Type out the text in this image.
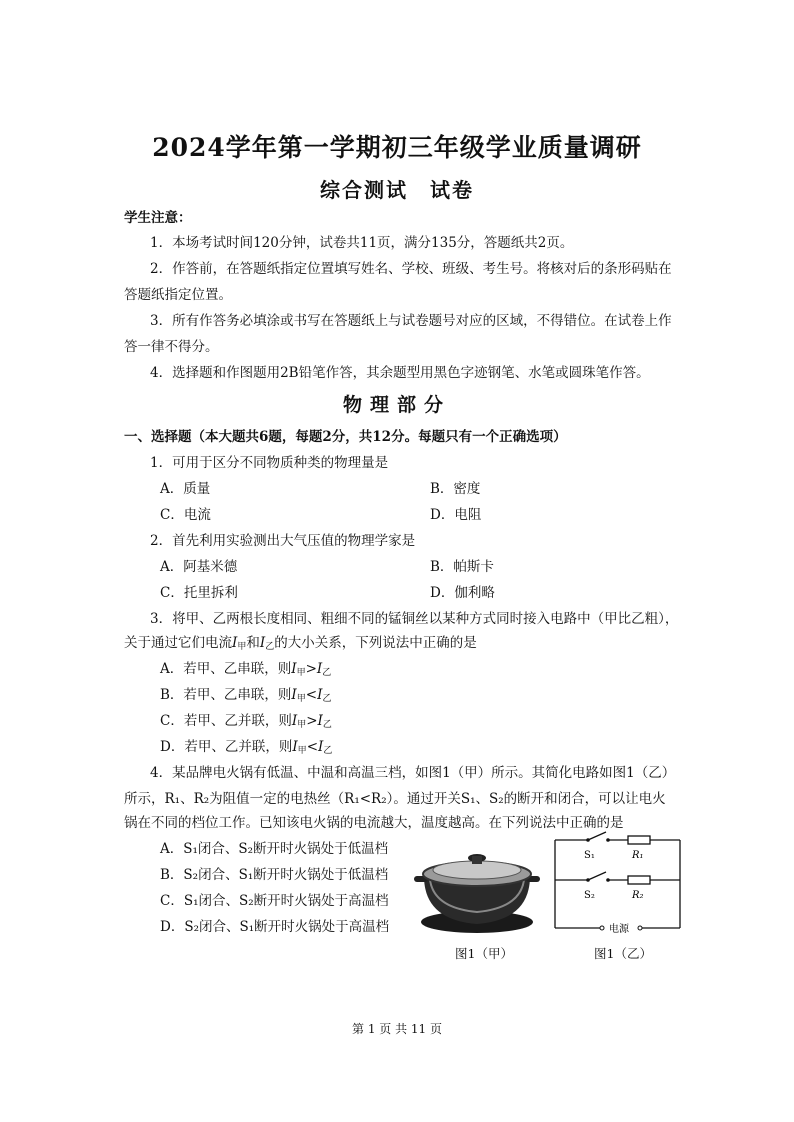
2024学年第一学期初三年级学业质量调研
综合测试 试卷
学生注意：
1．本场考试时间120分钟，试卷共11页，满分135分，答题纸共2页。
2．作答前，在答题纸指定位置填写姓名、学校、班级、考生号。将核对后的条形码贴在
答题纸指定位置。
3．所有作答务必填涂或书写在答题纸上与试卷题号对应的区域，不得错位。在试卷上作
答一律不得分。
4．选择题和作图题用2B铅笔作答，其余题型用黑色字迹钢笔、水笔或圆珠笔作答。
物理部分
一、选择题（本大题共6题，每题2分，共12分。每题只有一个正确选项）
1．可用于区分不同物质种类的物理量是
A．质量	B．密度
C．电流	D．电阻
2．首先利用实验测出大气压值的物理学家是
A．阿基米德	B．帕斯卡
C．托里拆利	D．伽利略
3．将甲、乙两根长度相同、粗细不同的锰铜丝以某种方式同时接入电路中（甲比乙粗），
关于通过它们电流$I_甲$和$I_乙$的大小关系，下列说法中正确的是
A．若甲、乙串联，则$I_甲>I_乙$
B．若甲、乙串联，则$I_甲<I_乙$
C．若甲、乙并联，则$I_甲>I_乙$
D．若甲、乙并联，则$I_甲<I_乙$
4．某品牌电火锅有低温、中温和高温三档，如图1（甲）所示。其简化电路如图1（乙）
所示，R₁、R₂为阻值一定的电热丝（R₁<R₂）。通过开关S₁、S₂的断开和闭合，可以让电火
锅在不同的档位工作。已知该电火锅的电流越大，温度越高。在下列说法中正确的是
A．S₁闭合、S₂断开时火锅处于低温档
B．S₂闭合、S₁断开时火锅处于低温档
C．S₁闭合、S₂断开时火锅处于高温档
D．S₂闭合、S₁断开时火锅处于高温档
图1（甲）
S₁	R₁
S₂	R₂
电源
图1（乙）
第 1 页 共 11 页
